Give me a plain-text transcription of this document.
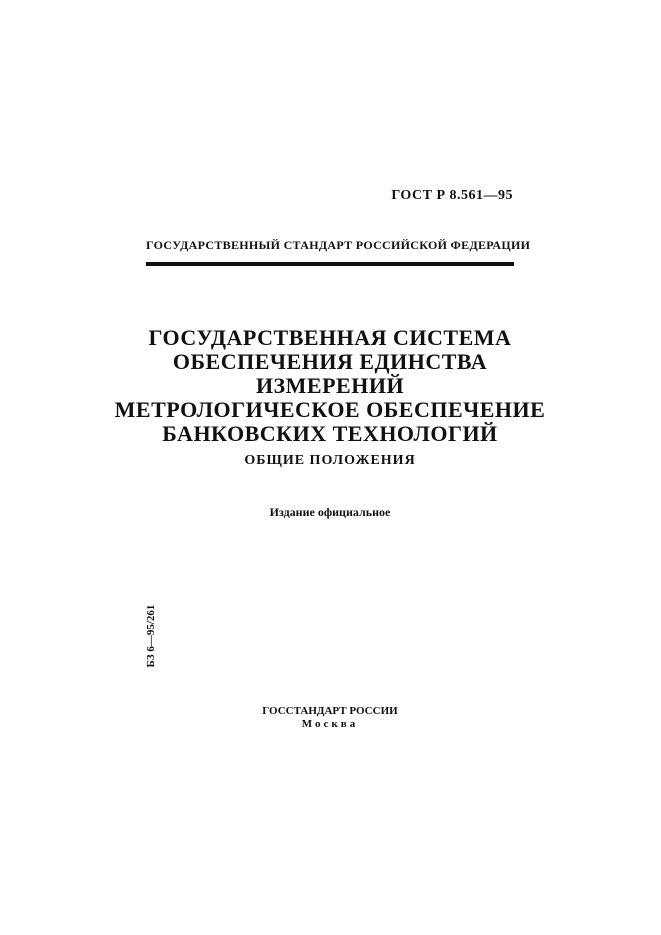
ГОСТ Р 8.561—95
ГОСУДАРСТВЕННЫЙ СТАНДАРТ РОССИЙСКОЙ ФЕДЕРАЦИИ
ГОСУДАРСТВЕННАЯ СИСТЕМА
ОБЕСПЕЧЕНИЯ ЕДИНСТВА
ИЗМЕРЕНИЙ
МЕТРОЛОГИЧЕСКОЕ ОБЕСПЕЧЕНИЕ
БАНКОВСКИХ ТЕХНОЛОГИЙ
ОБЩИЕ ПОЛОЖЕНИЯ
Издание официальное
БЗ 6—95/261
ГОССТАНДАРТ РОССИИ
Москва
